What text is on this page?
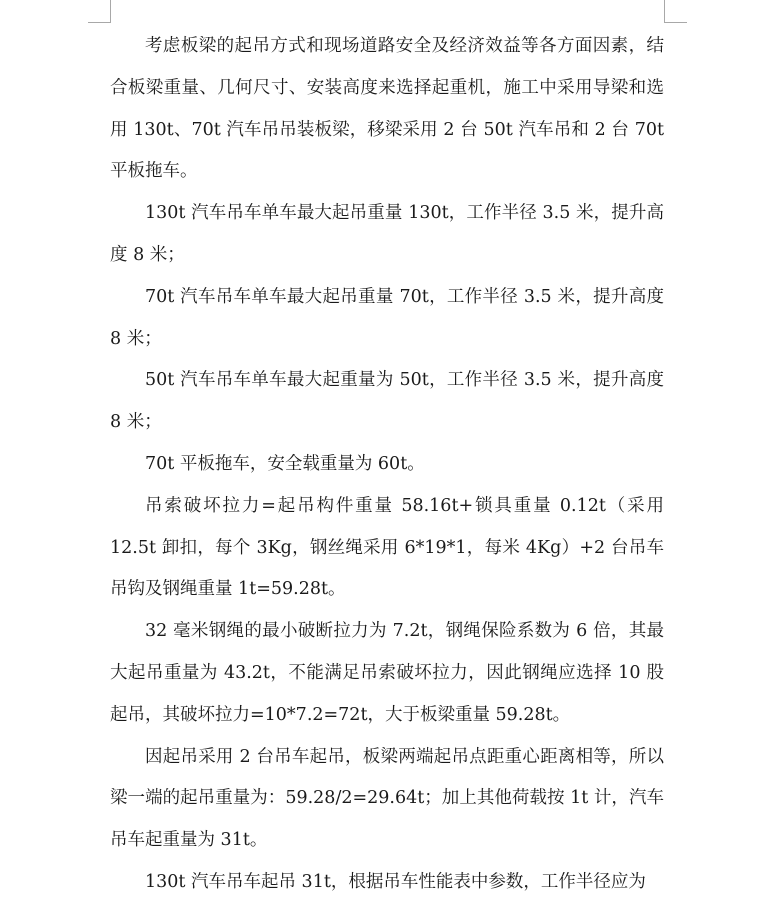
考虑板梁的起吊方式和现场道路安全及经济效益等各方面因素，结合板梁重量、几何尺寸、安装高度来选择起重机，施工中采用导梁和选用 130t、70t 汽车吊吊装板梁，移梁采用 2 台 50t 汽车吊和 2 台 70t 平板拖车。

130t 汽车吊车单车最大起吊重量 130t，工作半径 3.5 米，提升高度 8 米；

70t 汽车吊车单车最大起吊重量 70t，工作半径 3.5 米，提升高度 8 米；

50t 汽车吊车单车最大起重量为 50t，工作半径 3.5 米，提升高度 8 米；

70t 平板拖车，安全载重量为 60t。

吊索破坏拉力=起吊构件重量 58.16t+锁具重量 0.12t（采用 12.5t 卸扣，每个 3Kg，钢丝绳采用 6*19*1，每米 4Kg）+2 台吊车吊钩及钢绳重量 1t=59.28t。

32 毫米钢绳的最小破断拉力为 7.2t，钢绳保险系数为 6 倍，其最大起吊重量为 43.2t，不能满足吊索破坏拉力，因此钢绳应选择 10 股起吊，其破坏拉力=10*7.2=72t，大于板梁重量 59.28t。

因起吊采用 2 台吊车起吊，板梁两端起吊点距重心距离相等，所以梁一端的起吊重量为：59.28/2=29.64t；加上其他荷载按 1t 计，汽车吊车起重量为 31t。

130t 汽车吊车起吊 31t，根据吊车性能表中参数，工作半径应为
